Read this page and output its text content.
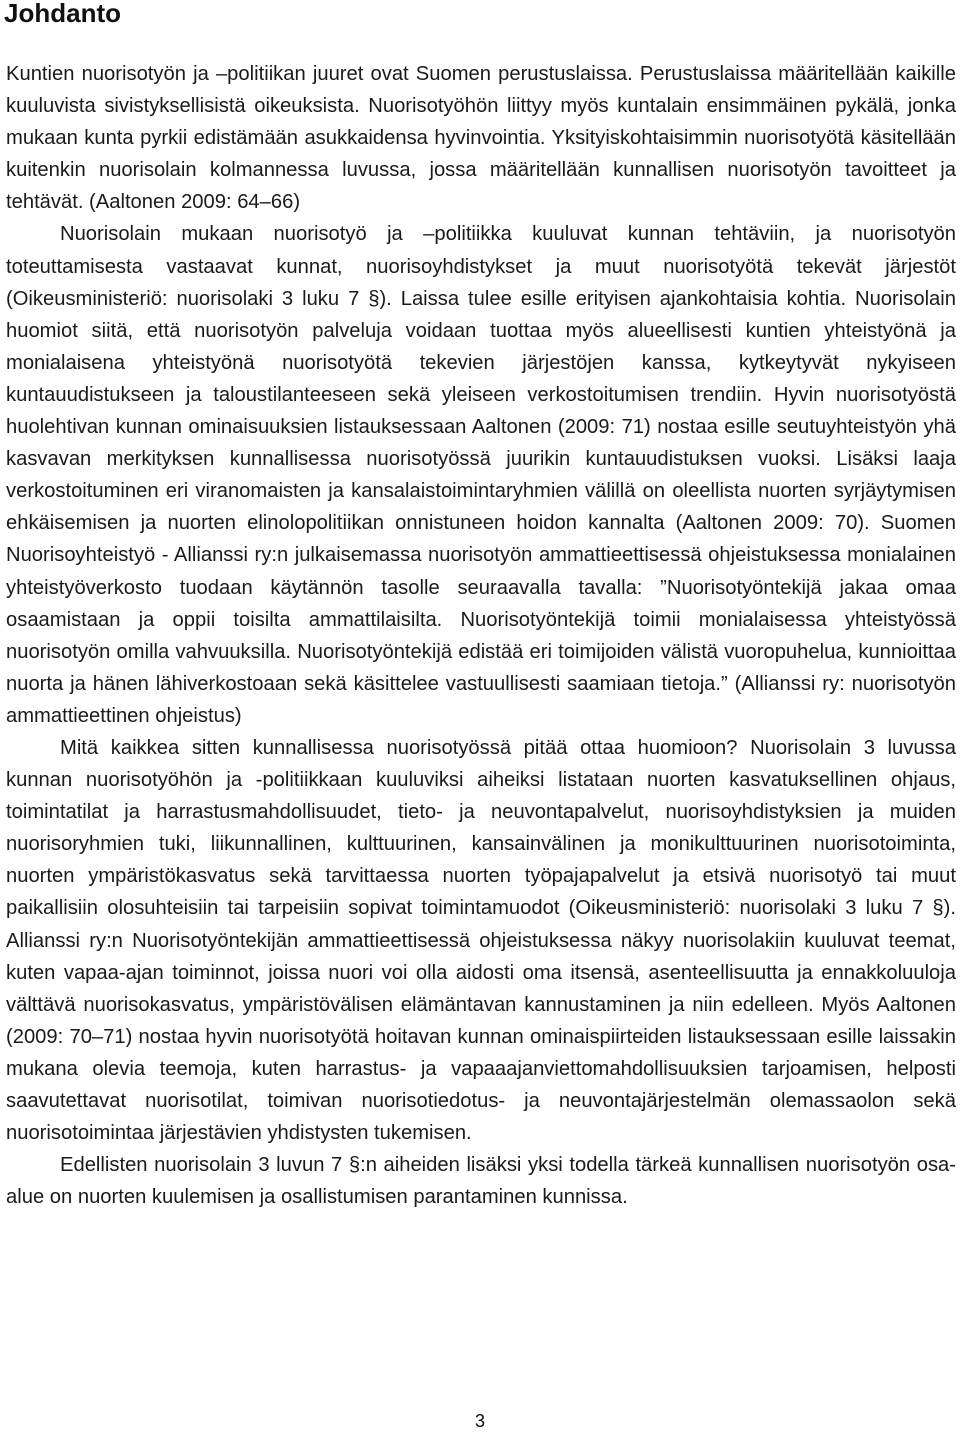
Johdanto

Kuntien nuorisotyön ja –politiikan juuret ovat Suomen perustuslaissa. Perustuslaissa määritellään kaikille kuuluvista sivistyksellisistä oikeuksista. Nuorisotyöhön liittyy myös kuntalain ensimmäinen pykälä, jonka mukaan kunta pyrkii edistämään asukkaidensa hyvinvointia. Yksityiskohtaisimmin nuorisotyötä käsitellään kuitenkin nuorisolain kolmannessa luvussa, jossa määritellään kunnallisen nuorisotyön tavoitteet ja tehtävät. (Aaltonen 2009: 64–66)

Nuorisolain mukaan nuorisotyö ja –politiikka kuuluvat kunnan tehtäviin, ja nuorisotyön toteuttamisesta vastaavat kunnat, nuorisoyhdistykset ja muut nuorisotyötä tekevät järjestöt (Oikeusministeriö: nuorisolaki 3 luku 7 §). Laissa tulee esille erityisen ajankohtaisia kohtia. Nuorisolain huomiot siitä, että nuorisotyön palveluja voidaan tuottaa myös alueellisesti kuntien yhteistyönä ja monialaisena yhteistyönä nuorisotyötä tekevien järjestöjen kanssa, kytkeytyvät nykyiseen kuntauudistukseen ja taloustilanteeseen sekä yleiseen verkostoitumisen trendiin. Hyvin nuorisotyöstä huolehtivan kunnan ominaisuuksien listauksessaan Aaltonen (2009: 71) nostaa esille seutuyhteistyön yhä kasvavan merkityksen kunnallisessa nuorisotyössä juurikin kuntauudistuksen vuoksi. Lisäksi laaja verkostoituminen eri viranomaisten ja kansalaistoimintaryhmien välillä on oleellista nuorten syrjäytymisen ehkäisemisen ja nuorten elinolopolitiikan onnistuneen hoidon kannalta (Aaltonen 2009: 70). Suomen Nuorisoyhteistyö - Allianssi ry:n julkaisemassa nuorisotyön ammattieettisessä ohjeistuksessa monialainen yhteistyöverkosto tuodaan käytännön tasolle seuraavalla tavalla: ”Nuorisotyöntekijä jakaa omaa osaamistaan ja oppii toisilta ammattilaisilta. Nuorisotyöntekijä toimii monialaisessa yhteistyössä nuorisotyön omilla vahvuuksilla. Nuorisotyöntekijä edistää eri toimijoiden välistä vuoropuhelua, kunnioittaa nuorta ja hänen lähiverkostoaan sekä käsittelee vastuullisesti saamiaan tietoja.” (Allianssi ry: nuorisotyön ammattieettinen ohjeistus)

Mitä kaikkea sitten kunnallisessa nuorisotyössä pitää ottaa huomioon? Nuorisolain 3 luvussa kunnan nuorisotyöhön ja -politiikkaan kuuluviksi aiheiksi listataan nuorten kasvatuksellinen ohjaus, toimintatilat ja harrastusmahdollisuudet, tieto- ja neuvontapalvelut, nuorisoyhdistyksien ja muiden nuorisoryhmien tuki, liikunnallinen, kulttuurinen, kansainvälinen ja monikulttuurinen nuorisotoiminta, nuorten ympäristökasvatus sekä tarvittaessa nuorten työpajapalvelut ja etsivä nuorisotyö tai muut paikallisiin olosuhteisiin tai tarpeisiin sopivat toimintamuodot (Oikeusministeriö: nuorisolaki 3 luku 7 §). Allianssi ry:n Nuorisotyöntekijän ammattieettisessä ohjeistuksessa näkyy nuorisolakiin kuuluvat teemat, kuten vapaa-ajan toiminnot, joissa nuori voi olla aidosti oma itsensä, asenteellisuutta ja ennakkoluuloja välttävä nuorisokasvatus, ympäristövälisen elämäntavan kannustaminen ja niin edelleen. Myös Aaltonen (2009: 70–71) nostaa hyvin nuorisotyötä hoitavan kunnan ominaispiirteiden listauksessaan esille laissakin mukana olevia teemoja, kuten harrastus- ja vapaaajanviettomahdollisuuksien tarjoamisen, helposti saavutettavat nuorisotilat, toimivan nuorisotiedotus- ja neuvontajärjestelmän olemassaolon sekä nuorisotoimintaa järjestävien yhdistysten tukemisen.

Edellisten nuorisolain 3 luvun 7 §:n aiheiden lisäksi yksi todella tärkeä kunnallisen nuorisotyön osa-alue on nuorten kuulemisen ja osallistumisen parantaminen kunnissa.

3
